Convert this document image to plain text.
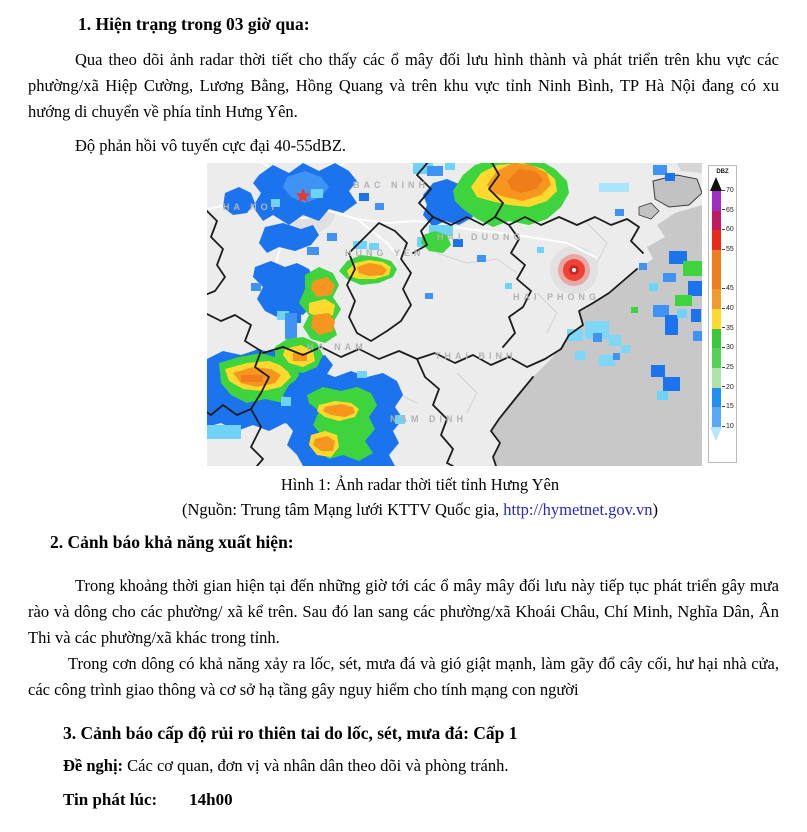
1. Hiện trạng trong 03 giờ qua:

Qua theo dõi ảnh radar thời tiết cho thấy các ổ mây đối lưu hình thành và phát triển trên khu vực các phường/xã Hiệp Cường, Lương Bằng, Hồng Quang và trên khu vực tỉnh Ninh Bình, TP Hà Nội đang có xu hướng di chuyển về phía tỉnh Hưng Yên.

Độ phản hồi vô tuyến cực đại 40-55dBZ.

HA NOI
BAC NINH
HUNG YEN
HAI DUONG
HAI PHONG
HA NAM
THAI BINH
NAM DINH
DBZ
70
65
60
55
45
40
35
30
25
20
15
10
Hình 1: Ảnh radar thời tiết tỉnh Hưng Yên
(Nguồn: Trung tâm Mạng lưới KTTV Quốc gia, http://hymetnet.gov.vn)
2. Cảnh báo khả năng xuất hiện:

Trong khoảng thời gian hiện tại đến những giờ tới các ổ mây mây đối lưu này tiếp tục phát triển gây mưa rào và dông cho các phường/ xã kể trên. Sau đó lan sang các phường/xã Khoái Châu, Chí Minh, Nghĩa Dân, Ân Thi và các phường/xã khác trong tỉnh.

Trong cơn dông có khả năng xảy ra lốc, sét, mưa đá và gió giật mạnh, làm gãy đổ cây cối, hư hại nhà cửa, các công trình giao thông và cơ sở hạ tầng gây nguy hiểm cho tính mạng con người

3. Cảnh báo cấp độ rủi ro thiên tai do lốc, sét, mưa đá: Cấp 1

Đề nghị: Các cơ quan, đơn vị và nhân dân theo dõi và phòng tránh.

Tin phát lúc: 14h00
